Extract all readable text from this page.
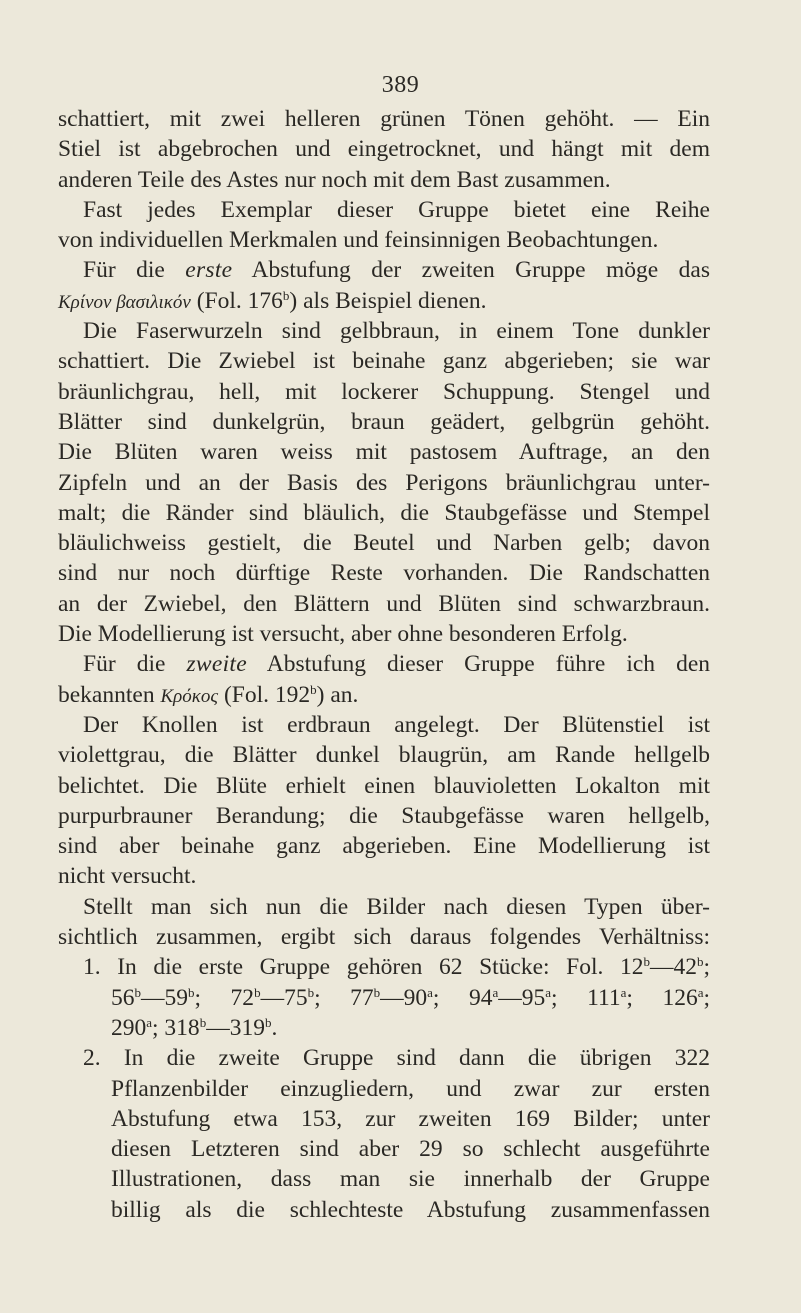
389
schattiert, mit zwei helleren grünen Tönen gehöht. — Ein
Stiel ist abgebrochen und eingetrocknet, und hängt mit dem
anderen Teile des Astes nur noch mit dem Bast zusammen.
Fast jedes Exemplar dieser Gruppe bietet eine Reihe
von individuellen Merkmalen und feinsinnigen Beobachtungen.
Für die erste Abstufung der zweiten Gruppe möge das
Κρίνον βασιλικόν (Fol. 176$^b$) als Beispiel dienen.
Die Faserwurzeln sind gelbbraun, in einem Tone dunkler
schattiert. Die Zwiebel ist beinahe ganz abgerieben; sie war
bräunlichgrau, hell, mit lockerer Schuppung. Stengel und
Blätter sind dunkelgrün, braun geädert, gelbgrün gehöht.
Die Blüten waren weiss mit pastosem Auftrage, an den
Zipfeln und an der Basis des Perigons bräunlichgrau unter-
malt; die Ränder sind bläulich, die Staubgefässe und Stempel
bläulichweiss gestielt, die Beutel und Narben gelb; davon
sind nur noch dürftige Reste vorhanden. Die Randschatten
an der Zwiebel, den Blättern und Blüten sind schwarzbraun.
Die Modellierung ist versucht, aber ohne besonderen Erfolg.
Für die zweite Abstufung dieser Gruppe führe ich den
bekannten Κρόκος (Fol. 192$^b$) an.
Der Knollen ist erdbraun angelegt. Der Blütenstiel ist
violettgrau, die Blätter dunkel blaugrün, am Rande hellgelb
belichtet. Die Blüte erhielt einen blauvioletten Lokalton mit
purpurbrauner Berandung; die Staubgefässe waren hellgelb,
sind aber beinahe ganz abgerieben. Eine Modellierung ist
nicht versucht.
Stellt man sich nun die Bilder nach diesen Typen über-
sichtlich zusammen, ergibt sich daraus folgendes Verhältniss:
1. In die erste Gruppe gehören 62 Stücke: Fol. 12$^b$—42$^b$;
56$^b$—59$^b$; 72$^b$—75$^b$; 77$^b$—90$^a$; 94$^a$—95$^a$; 111$^a$; 126$^a$;
290$^a$; 318$^b$—319$^b$.
2. In die zweite Gruppe sind dann die übrigen 322
Pflanzenbilder einzugliedern, und zwar zur ersten
Abstufung etwa 153, zur zweiten 169 Bilder; unter
diesen Letzteren sind aber 29 so schlecht ausgeführte
Illustrationen, dass man sie innerhalb der Gruppe
billig als die schlechteste Abstufung zusammenfassen
